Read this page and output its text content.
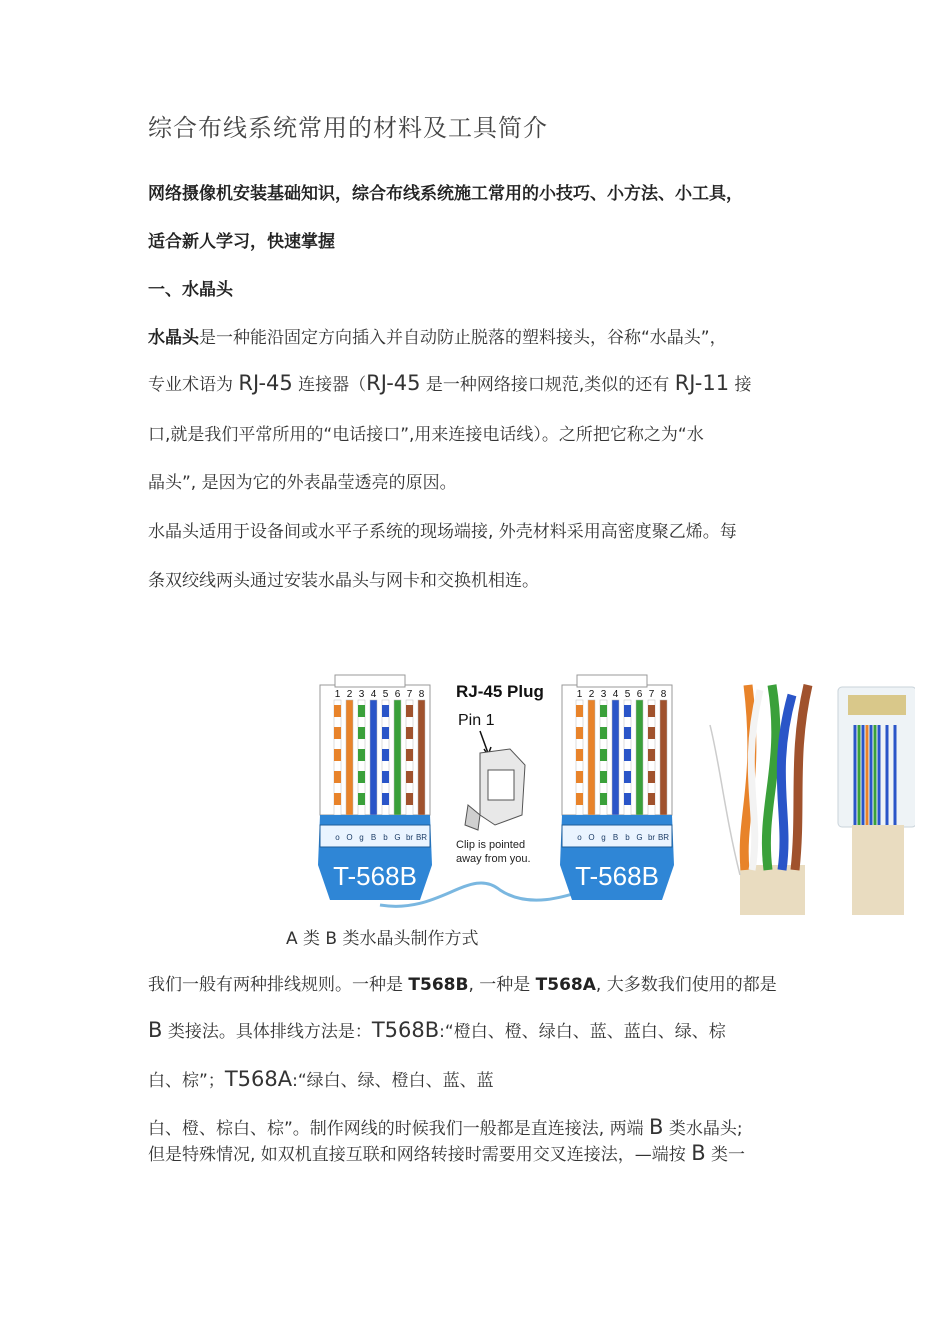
综合布线系统常用的材料及工具简介
网络摄像机安装基础知识，综合布线系统施工常用的小技巧、小方法、小工具，
适合新人学习，快速掌握
一、水晶头
水晶头是一种能沿固定方向插入并自动防止脱落的塑料接头，谷称“水晶头”，
专业术语为 RJ-45 连接器（RJ-45 是一种网络接口规范,类似的还有 RJ-11 接
口,就是我们平常所用的“电话接口”,用来连接电话线）。之所把它称之为“水
晶头”, 是因为它的外表晶莹透亮的原因。
水晶头适用于设备间或水平子系统的现场端接, 外壳材料采用高密度聚乙烯。每
条双绞线两头通过安装水晶头与网卡和交换机相连。
1 2 3 4 5 6 7 8
o O g B b G br BR
T-568B
RJ-45 Plug
Pin 1
Clip is pointed
away from you.
1 2 3 4 5 6 7 8
o O g B b G br BR
T-568B
A 类 B 类水晶头制作方式
我们一般有两种排线规则。一种是 T568B, 一种是 T568A, 大多数我们使用的都是
B 类接法。具体排线方法是：T568B:“橙白、橙、绿白、蓝、蓝白、绿、棕
白、棕”；T568A:“绿白、绿、橙白、蓝、蓝
白、橙、棕白、棕”。制作网线的时候我们一般都是直连接法, 两端 B 类水晶头;
但是特殊情况, 如双机直接互联和网络转接时需要用交叉连接法，—端按 B 类一
